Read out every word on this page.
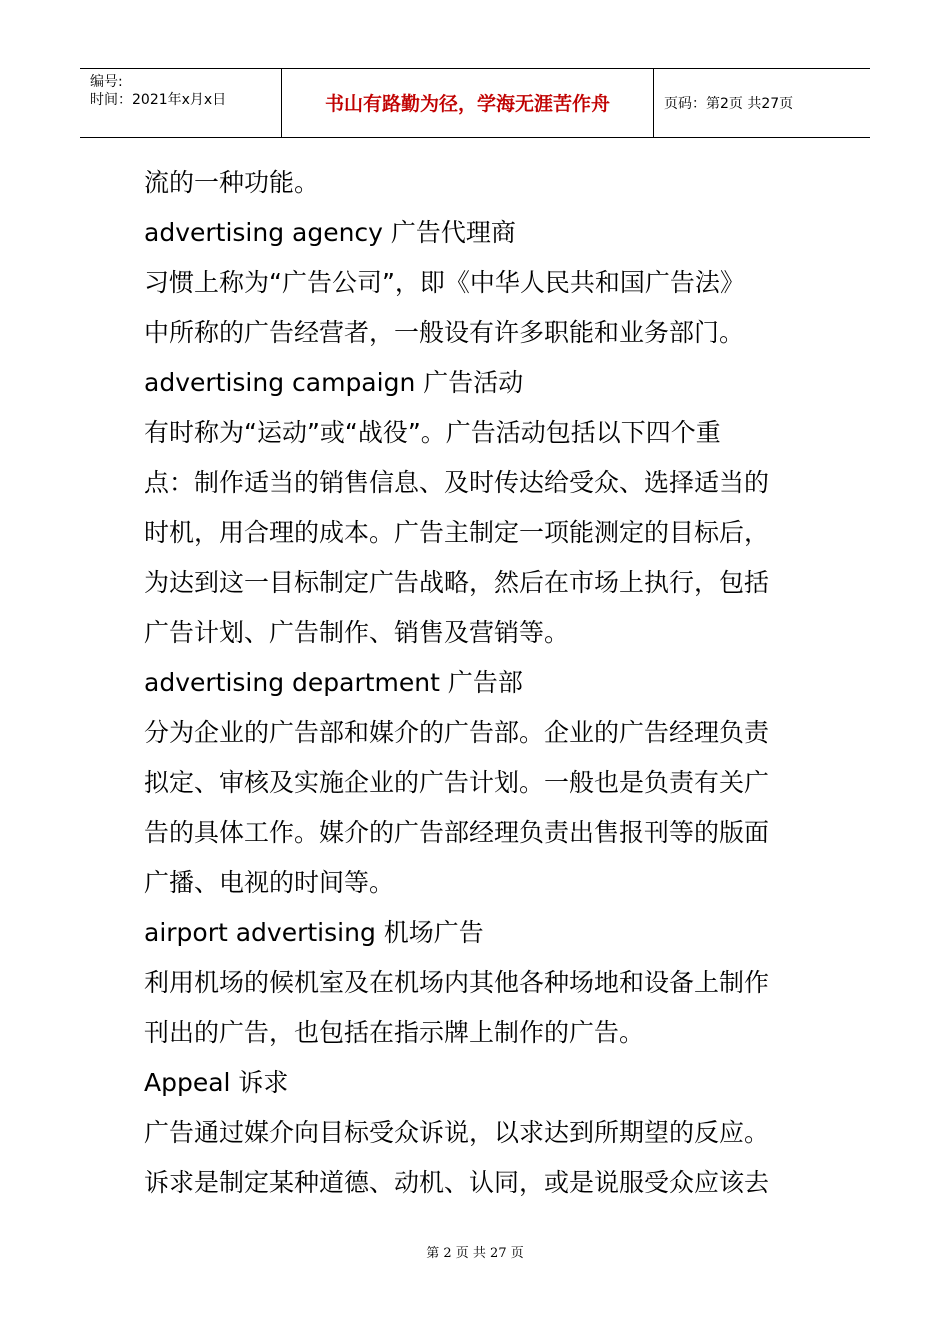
编号:
时间：2021年x月x日	书山有路勤为径，学海无涯苦作舟	页码：第2页 共27页
流的一种功能。
advertising agency 广告代理商
习惯上称为“广告公司”，即《中华人民共和国广告法》
中所称的广告经营者，一般设有许多职能和业务部门。
advertising campaign 广告活动
有时称为“运动”或“战役”。广告活动包括以下四个重
点：制作适当的销售信息、及时传达给受众、选择适当的
时机，用合理的成本。广告主制定一项能测定的目标后，
为达到这一目标制定广告战略，然后在市场上执行，包括
广告计划、广告制作、销售及营销等。
advertising department 广告部
分为企业的广告部和媒介的广告部。企业的广告经理负责
拟定、审核及实施企业的广告计划。一般也是负责有关广
告的具体工作。媒介的广告部经理负责出售报刊等的版面
广播、电视的时间等。
airport advertising 机场广告
利用机场的候机室及在机场内其他各种场地和设备上制作
刊出的广告，也包括在指示牌上制作的广告。
Appeal 诉求
广告通过媒介向目标受众诉说，以求达到所期望的反应。
诉求是制定某种道德、动机、认同，或是说服受众应该去
第 2 页 共 27 页
